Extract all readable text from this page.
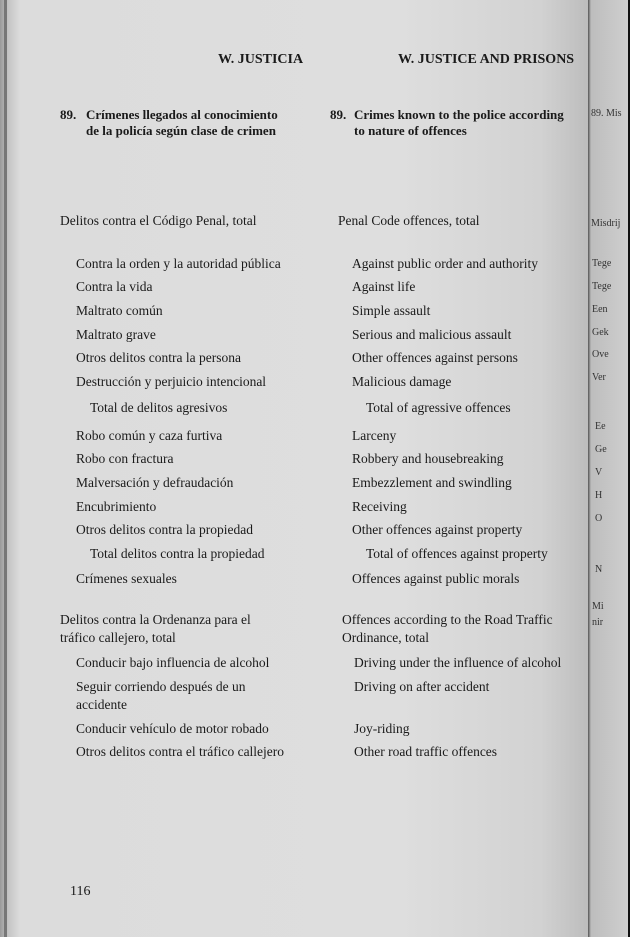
W. JUSTICIA	W. JUSTICE AND PRISONS
89. Crímenes llegados al conocimiento
de la policía según clase de crimen
89. Crimes known to the police according
to nature of offences
Delitos contra el Código Penal, total	Penal Code offences, total
Contra la orden y la autoridad pública	Against public order and authority
Contra la vida	Against life
Maltrato común	Simple assault
Maltrato grave	Serious and malicious assault
Otros delitos contra la persona	Other offences against persons
Destrucción y perjuicio intencional	Malicious damage
Total de delitos agresivos	Total of agressive offences
Robo común y caza furtiva	Larceny
Robo con fractura	Robbery and housebreaking
Malversación y defraudación	Embezzlement and swindling
Encubrimiento	Receiving
Otros delitos contra la propiedad	Other offences against property
Total delitos contra la propiedad	Total of offences against property
Crímenes sexuales	Offences against public morals
Delitos contra la Ordenanza para el	Offences according to the Road Traffic
tráfico callejero, total	Ordinance, total
Conducir bajo influencia de alcohol	Driving under the influence of alcohol
Seguir corriendo después de un	Driving on after accident
accidente
Conducir vehículo de motor robado	Joy-riding
Otros delitos contra el tráfico callejero	Other road traffic offences
116
89. Mis
Misdrij
Tege
Tege
Een
Gek
Ove
Ver
Ee
Ge
V
H
O
N
Mi
nir
